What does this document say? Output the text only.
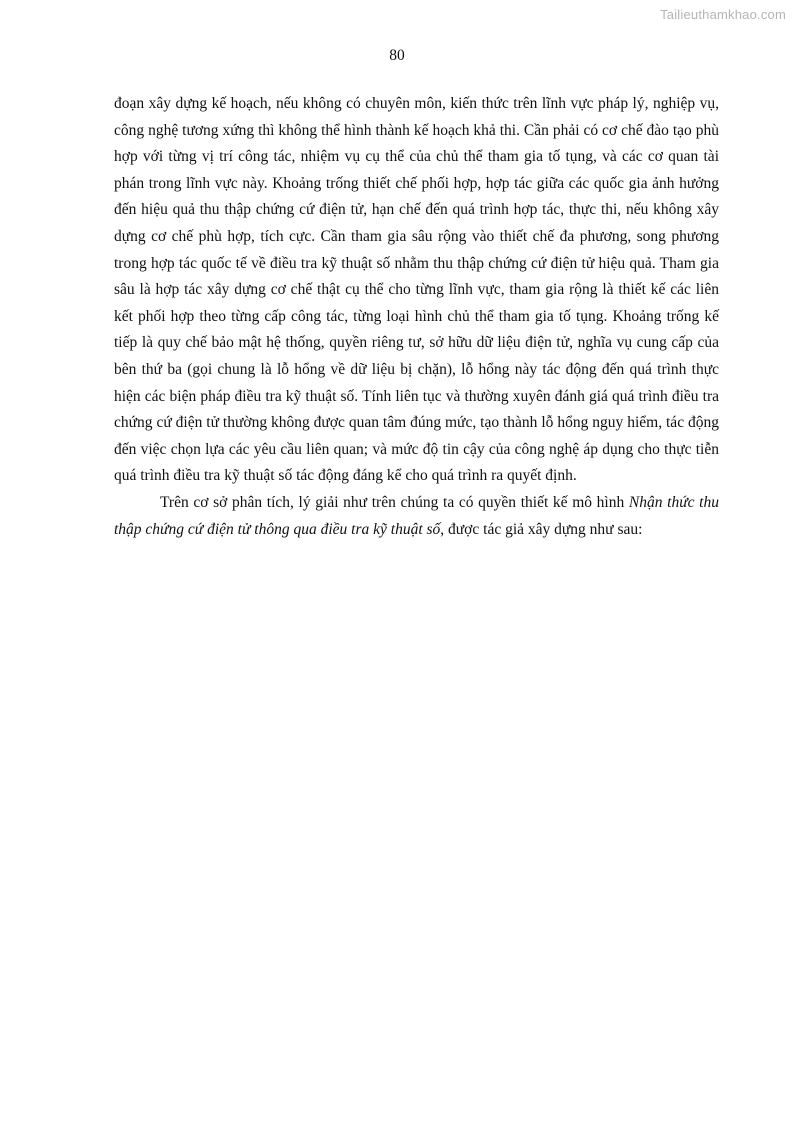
Tailieuthamkhao.com
80

đoạn xây dựng kế hoạch, nếu không có chuyên môn, kiến thức trên lĩnh vực pháp lý, nghiệp vụ, công nghệ tương xứng thì không thể hình thành kế hoạch khả thi. Cần phải có cơ chế đào tạo phù hợp với từng vị trí công tác, nhiệm vụ cụ thể của chủ thể tham gia tố tụng, và các cơ quan tài phán trong lĩnh vực này. Khoảng trống thiết chế phối hợp, hợp tác giữa các quốc gia ảnh hưởng đến hiệu quả thu thập chứng cứ điện tử, hạn chế đến quá trình hợp tác, thực thi, nếu không xây dựng cơ chế phù hợp, tích cực. Cần tham gia sâu rộng vào thiết chế đa phương, song phương trong hợp tác quốc tế về điều tra kỹ thuật số nhằm thu thập chứng cứ điện tử hiệu quả. Tham gia sâu là hợp tác xây dựng cơ chế thật cụ thể cho từng lĩnh vực, tham gia rộng là thiết kế các liên kết phối hợp theo từng cấp công tác, từng loại hình chủ thể tham gia tố tụng. Khoảng trống kế tiếp là quy chế bảo mật hệ thống, quyền riêng tư, sở hữu dữ liệu điện tử, nghĩa vụ cung cấp của bên thứ ba (gọi chung là lỗ hổng về dữ liệu bị chặn), lỗ hổng này tác động đến quá trình thực hiện các biện pháp điều tra kỹ thuật số. Tính liên tục và thường xuyên đánh giá quá trình điều tra chứng cứ điện tử thường không được quan tâm đúng mức, tạo thành lỗ hổng nguy hiểm, tác động đến việc chọn lựa các yêu cầu liên quan; và mức độ tin cậy của công nghệ áp dụng cho thực tiễn quá trình điều tra kỹ thuật số tác động đáng kể cho quá trình ra quyết định.

Trên cơ sở phân tích, lý giải như trên chúng ta có quyền thiết kế mô hình Nhận thức thu thập chứng cứ điện tử thông qua điều tra kỹ thuật số, được tác giả xây dựng như sau:
